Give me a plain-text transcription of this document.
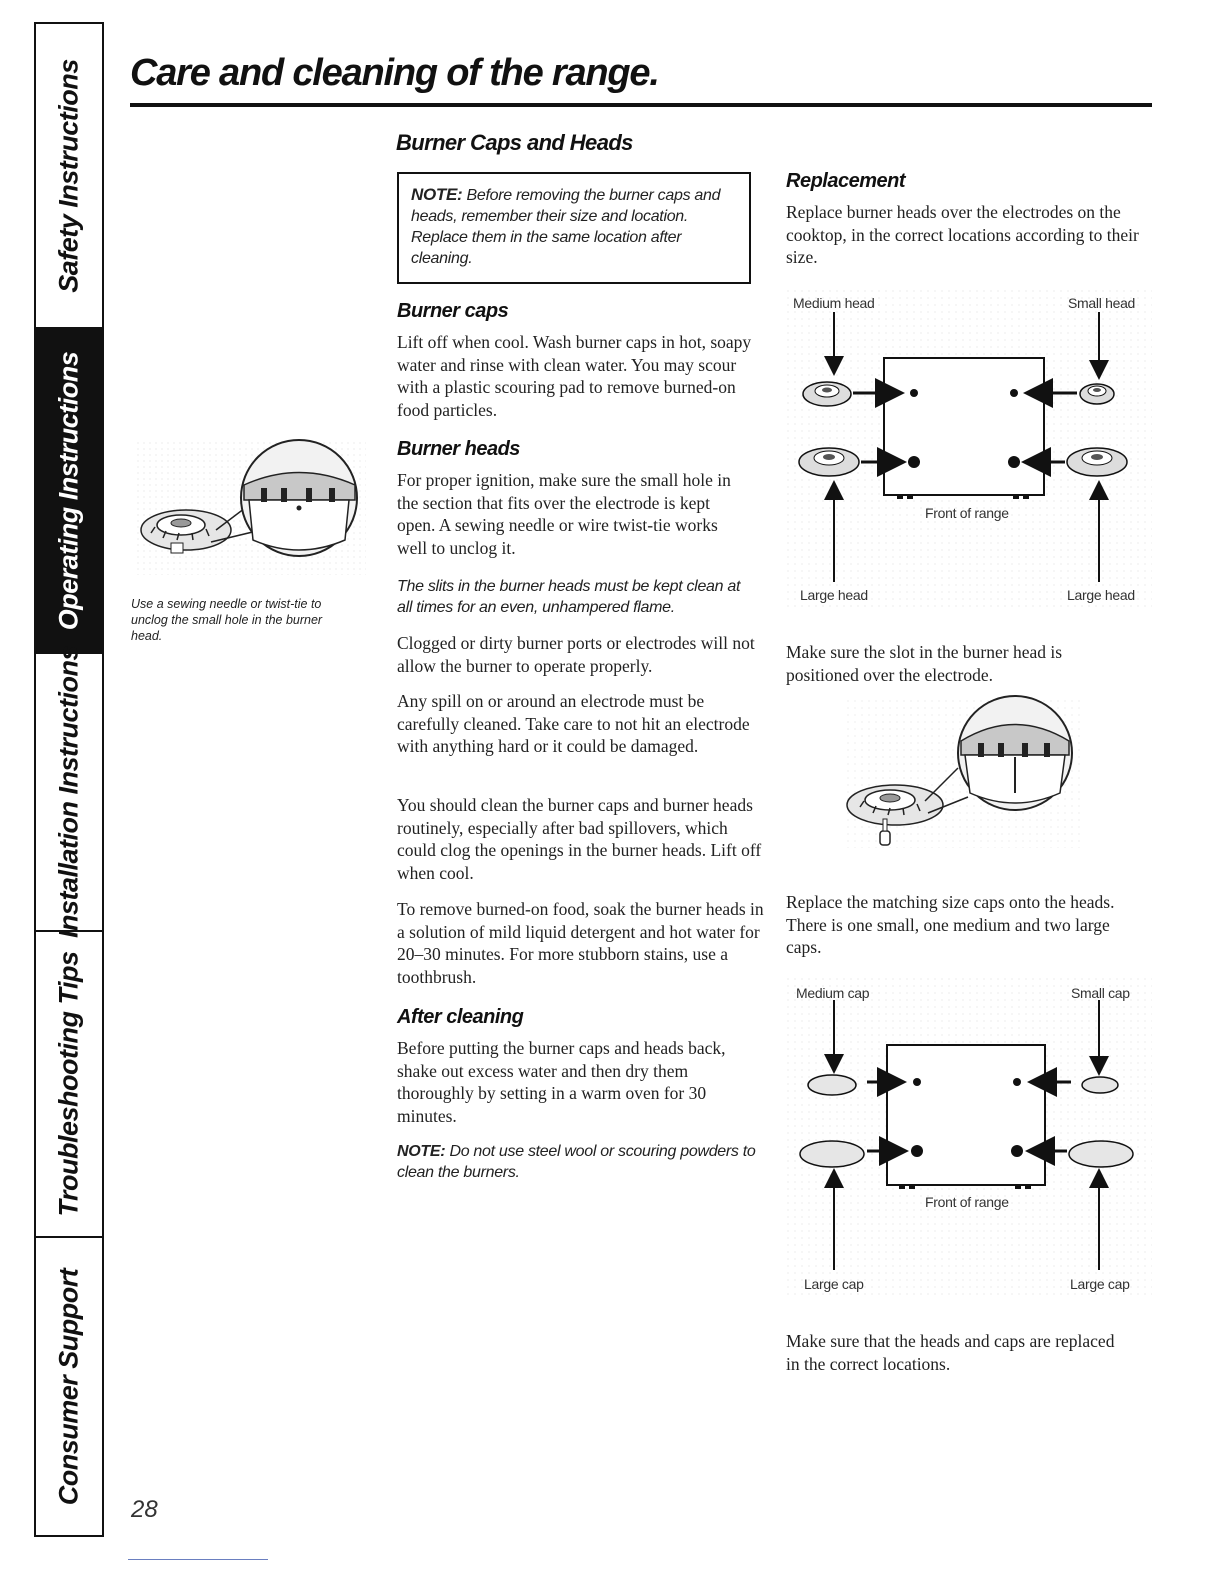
Safety Instructions
Operating Instructions
Installation Instructions
Troubleshooting Tips
Consumer Support
Care and cleaning of the range.

Use a sewing needle or twist-tie to unclog the small hole in the burner head.

Burner Caps and Heads
NOTE: Before removing the burner caps and heads, remember their size and location. Replace them in the same location after cleaning.
Burner caps

Lift off when cool. Wash burner caps in hot, soapy water and rinse with clean water. You may scour with a plastic scouring pad to remove burned-on food particles.

Burner heads

For proper ignition, make sure the small hole in the section that fits over the electrode is kept open. A sewing needle or wire twist-tie works well to unclog it.

The slits in the burner heads must be kept clean at all times for an even, unhampered flame.

Clogged or dirty burner ports or electrodes will not allow the burner to operate properly.

Any spill on or around an electrode must be carefully cleaned. Take care to not hit an electrode with anything hard or it could be damaged.

You should clean the burner caps and burner heads routinely, especially after bad spillovers, which could clog the openings in the burner heads. Lift off when cool.

To remove burned-on food, soak the burner heads in a solution of mild liquid detergent and hot water for 20–30 minutes. For more stubborn stains, use a toothbrush.

After cleaning

Before putting the burner caps and heads back, shake out excess water and then dry them thoroughly by setting in a warm oven for 30 minutes.

NOTE: Do not use steel wool or scouring powders to clean the burners.

Replacement

Replace burner heads over the electrodes on the cooktop, in the correct locations according to their size.

Medium head	Small head
Front of range
Large head	Large head

Make sure the slot in the burner head is positioned over the electrode.

Replace the matching size caps onto the heads. There is one small, one medium and two large caps.

Medium cap	Small cap
Front of range
Large cap	Large cap

Make sure that the heads and caps are replaced in the correct locations.

28
